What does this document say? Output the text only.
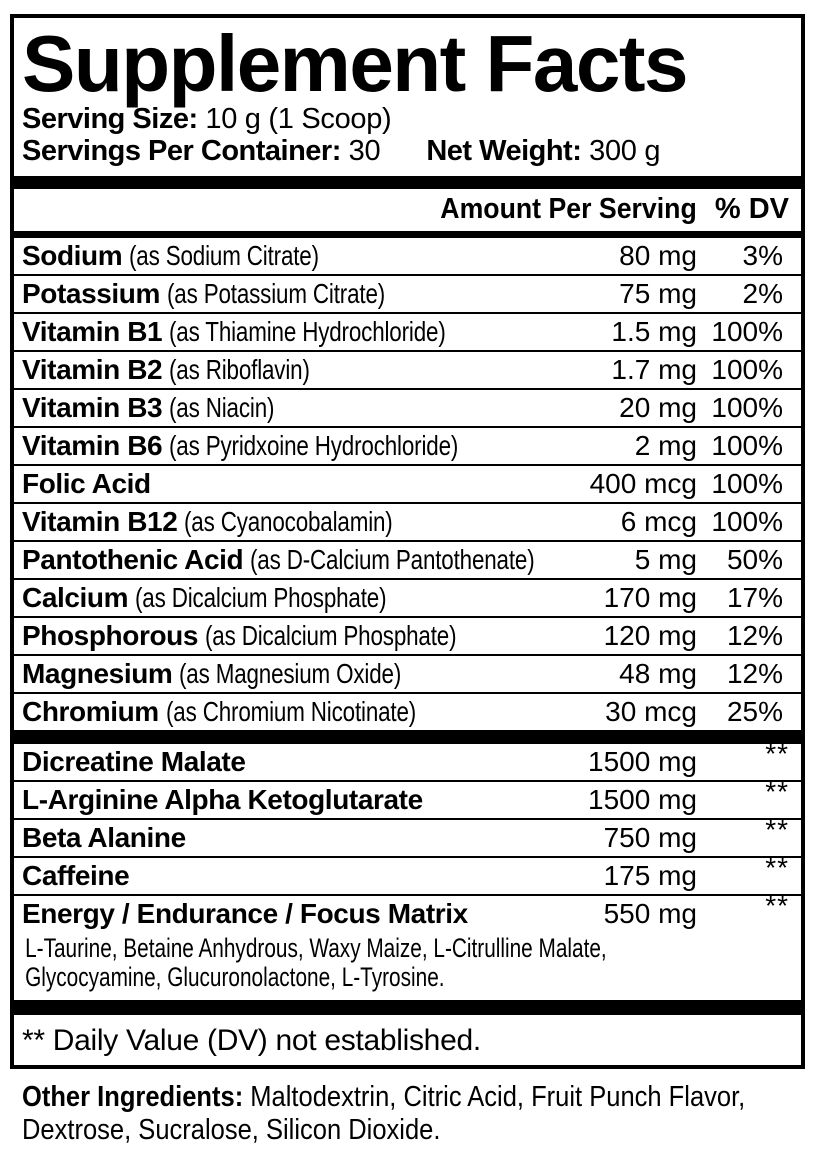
Supplement Facts
Serving Size: 10 g (1 Scoop)
Servings Per Container: 30 Net Weight: 300 g
Amount Per Serving % DV
Sodium (as Sodium Citrate)	80 mg	3%
Potassium (as Potassium Citrate)	75 mg	2%
Vitamin B1 (as Thiamine Hydrochloride)	1.5 mg 100%
Vitamin B2 (as Riboflavin)	1.7 mg 100%
Vitamin B3 (as Niacin)	20 mg 100%
Vitamin B6 (as Pyridxoine Hydrochloride)	2 mg 100%
Folic Acid	400 mcg 100%
Vitamin B12 (as Cyanocobalamin)	6 mcg 100%
Pantothenic Acid (as D-Calcium Pantothenate)	5 mg	50%
Calcium (as Dicalcium Phosphate)	170 mg	17%
Phosphorous (as Dicalcium Phosphate)	120 mg	12%
Magnesium (as Magnesium Oxide)	48 mg	12%
Chromium (as Chromium Nicotinate)	30 mcg	25%
Dicreatine Malate	1500 mg	**
L-Arginine Alpha Ketoglutarate	1500 mg	**
Beta Alanine	750 mg	**
Caffeine	175 mg	**
Energy / Endurance / Focus Matrix	550 mg	**
L-Taurine, Betaine Anhydrous, Waxy Maize, L-Citrulline Malate, Glycocyamine, Glucuronolactone, L-Tyrosine.
** Daily Value (DV) not established.
Other Ingredients: Maltodextrin, Citric Acid, Fruit Punch Flavor, Dextrose, Sucralose, Silicon Dioxide.
